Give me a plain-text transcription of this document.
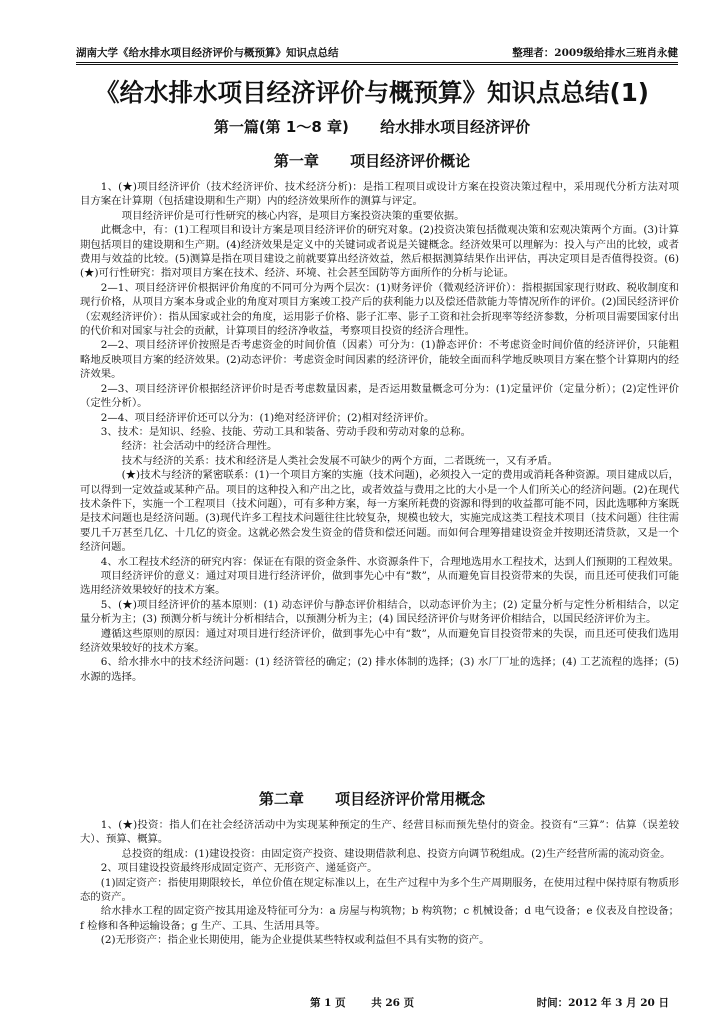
湖南大学《给水排水项目经济评价与概预算》知识点总结	整理者：2009级给排水三班肖永健
《给水排水项目经济评价与概预算》知识点总结(1)
第一篇(第 1～8 章)      给水排水项目经济评价
第一章      项目经济评价概论

1、(★)项目经济评价（技术经济评价、技术经济分析)：是指工程项目或设计方案在投资决策过程中，采用现代分析方法对项目方案在计算期（包括建设期和生产期）内的经济效果所作的测算与评定。

项目经济评价是可行性研究的核心内容，是项目方案投资决策的重要依据。

此概念中，有：(1)工程项目和设计方案是项目经济评价的研究对象。(2)投资决策包括微观决策和宏观决策两个方面。(3)计算期包括项目的建设期和生产期。(4)经济效果是定义中的关键词或者说是关键概念。经济效果可以理解为：投入与产出的比较，或者费用与效益的比较。(5)测算是指在项目建设之前就要算出经济效益，然后根据测算结果作出评估，再决定项目是否值得投资。(6)(★)可行性研究：指对项目方案在技术、经济、环境、社会甚至国防等方面所作的分析与论证。

2—1、项目经济评价根据评价角度的不同可分为两个层次：(1)财务评价（微观经济评价）：指根据国家现行财政、税收制度和现行价格，从项目方案本身或企业的角度对项目方案竣工投产后的获利能力以及偿还借款能力等情况所作的评价。(2)国民经济评价（宏观经济评价）：指从国家或社会的角度，运用影子价格、影子汇率、影子工资和社会折现率等经济参数，分析项目需要国家付出的代价和对国家与社会的贡献，计算项目的经济净收益，考察项目投资的经济合理性。

2—2、项目经济评价按照是否考虑资金的时间价值（因素）可分为：(1)静态评价：不考虑资金时间价值的经济评价，只能粗略地反映项目方案的经济效果。(2)动态评价：考虑资金时间因素的经济评价，能较全面而科学地反映项目方案在整个计算期内的经济效果。

2—3、项目经济评价根据经济评价时是否考虑数量因素，是否运用数量概念可分为：(1)定量评价（定量分析）；(2)定性评价（定性分析）。

2—4、项目经济评价还可以分为：(1)绝对经济评价；(2)相对经济评价。

3、技术：是知识、经验、技能、劳动工具和装备、劳动手段和劳动对象的总称。

经济：社会活动中的经济合理性。

技术与经济的关系：技术和经济是人类社会发展不可缺少的两个方面，二者既统一，又有矛盾。

(★)技术与经济的紧密联系：(1)一个项目方案的实施（技术问题)，必须投入一定的费用或消耗各种资源。项目建成以后，可以得到一定效益或某种产品。项目的这种投入和产出之比，或者效益与费用之比的大小是一个人们所关心的经济问题。(2)在现代技术条件下，实施一个工程项目（技术问题），可有多种方案，每一方案所耗费的资源和得到的收益都可能不同，因此选哪种方案既是技术问题也是经济问题。(3)现代许多工程技术问题往往比较复杂，规模也较大，实施完成这类工程技术项目（技术问题）往往需要几千万甚至几亿、十几亿的资金。这就必然会发生资金的借贷和偿还问题。而如何合理筹措建设资金并按期还清贷款，又是一个经济问题。

4、水工程技术经济的研究内容：保证在有限的资金条件、水资源条件下，合理地选用水工程技术，达到人们预期的工程效果。

项目经济评价的意义：通过对项目进行经济评价，做到事先心中有“数”，从而避免盲目投资带来的失误，而且还可使我们可能选用经济效果较好的技术方案。

5、(★)项目经济评价的基本原则：(1) 动态评价与静态评价相结合，以动态评价为主；(2) 定量分析与定性分析相结合，以定量分析为主；(3) 预测分析与统计分析相结合，以预测分析为主；(4) 国民经济评价与财务评价相结合，以国民经济评价为主。

遵循这些原则的原因：通过对项目进行经济评价，做到事先心中有“数”，从而避免盲目投资带来的失误，而且还可使我们选用经济效果较好的技术方案。

6、给水排水中的技术经济问题：(1) 经济管径的确定；(2) 排水体制的选择；(3) 水厂厂址的选择；(4) 工艺流程的选择；(5) 水源的选择。

第二章      项目经济评价常用概念

1、(★)投资：指人们在社会经济活动中为实现某种预定的生产、经营目标而预先垫付的资金。投资有“三算”：估算（误差较大）、预算、概算。

总投资的组成：(1)建设投资：由固定资产投资、建设期借款利息、投资方向调节税组成。(2)生产经营所需的流动资金。

2、项目建设投资最终形成固定资产、无形资产、递延资产。

(1)固定资产：指使用期限较长，单位价值在规定标准以上，在生产过程中为多个生产周期服务，在使用过程中保持原有物质形态的资产。

给水排水工程的固定资产按其用途及特征可分为：a 房屋与构筑物；b 构筑物；c 机械设备；d 电气设备；e 仪表及自控设备；f 检修和各种运输设备；g 生产、工具、生活用具等。

(2)无形资产：指企业长期使用，能为企业提供某些特权或利益但不具有实物的资产。

第 1 页       共 26 页	时间：2012 年 3 月 20 日
